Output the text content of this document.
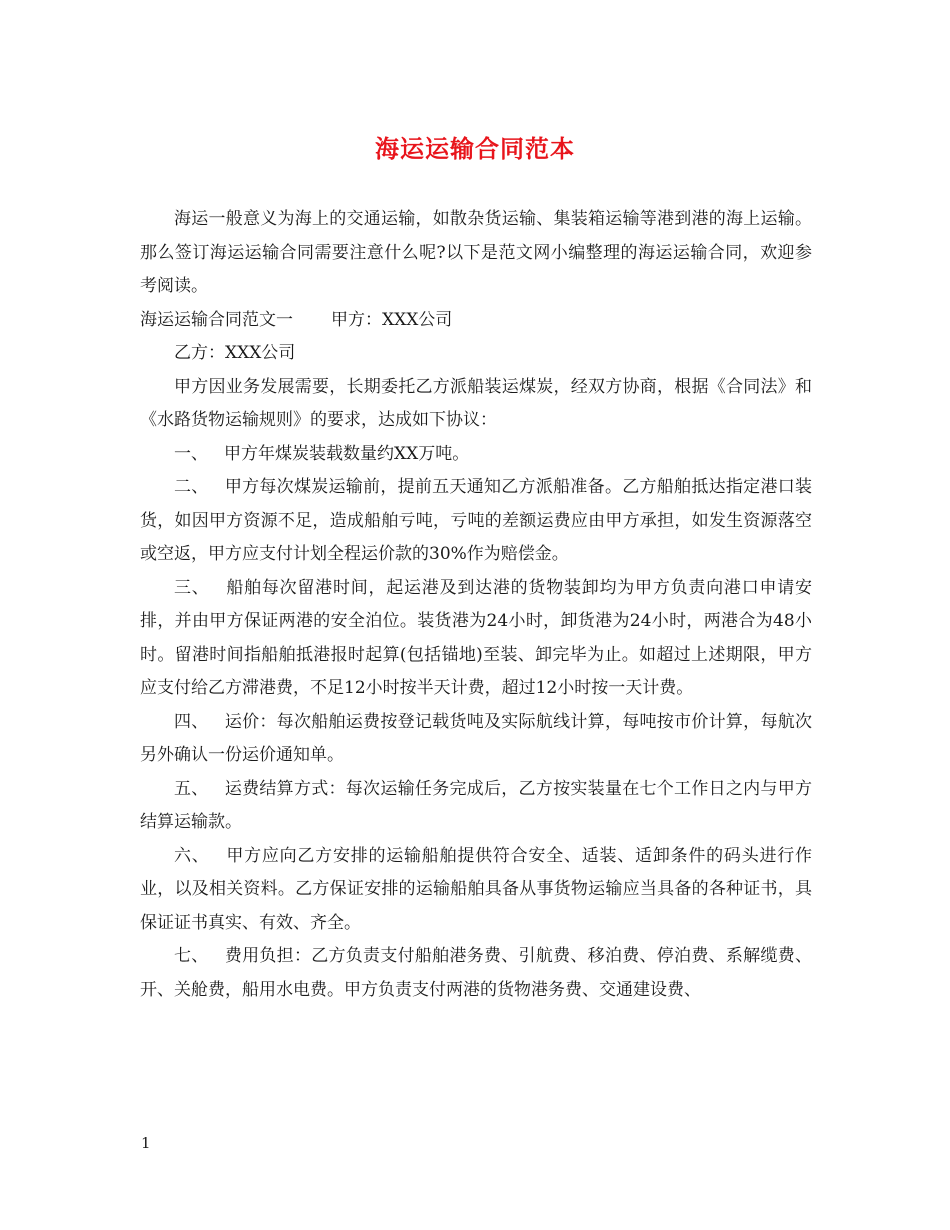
海运运输合同范本

海运一般意义为海上的交通运输，如散杂货运输、集装箱运输等港到港的海上运输。那么签订海运运输合同需要注意什么呢?以下是范文网小编整理的海运运输合同，欢迎参考阅读。

海运运输合同范文一 甲方：XXX公司

乙方：XXX公司

甲方因业务发展需要，长期委托乙方派船装运煤炭，经双方协商，根据《合同法》和《水路货物运输规则》的要求，达成如下协议：

一、 甲方年煤炭装载数量约XX万吨。

二、 甲方每次煤炭运输前，提前五天通知乙方派船准备。乙方船舶抵达指定港口装货，如因甲方资源不足，造成船舶亏吨，亏吨的差额运费应由甲方承担，如发生资源落空或空返，甲方应支付计划全程运价款的30%作为赔偿金。

三、 船舶每次留港时间，起运港及到达港的货物装卸均为甲方负责向港口申请安排，并由甲方保证两港的安全泊位。装货港为24小时，卸货港为24小时，两港合为48小时。留港时间指船舶抵港报时起算(包括锚地)至装、卸完毕为止。如超过上述期限，甲方应支付给乙方滞港费，不足12小时按半天计费，超过12小时按一天计费。

四、 运价：每次船舶运费按登记载货吨及实际航线计算，每吨按市价计算，每航次另外确认一份运价通知单。

五、 运费结算方式：每次运输任务完成后，乙方按实装量在七个工作日之内与甲方结算运输款。

六、 甲方应向乙方安排的运输船舶提供符合安全、适装、适卸条件的码头进行作业，以及相关资料。乙方保证安排的运输船舶具备从事货物运输应当具备的各种证书，具保证证书真实、有效、齐全。

七、 费用负担：乙方负责支付船舶港务费、引航费、移泊费、停泊费、系解缆费、开、关舱费，船用水电费。甲方负责支付两港的货物港务费、交通建设费、

1
